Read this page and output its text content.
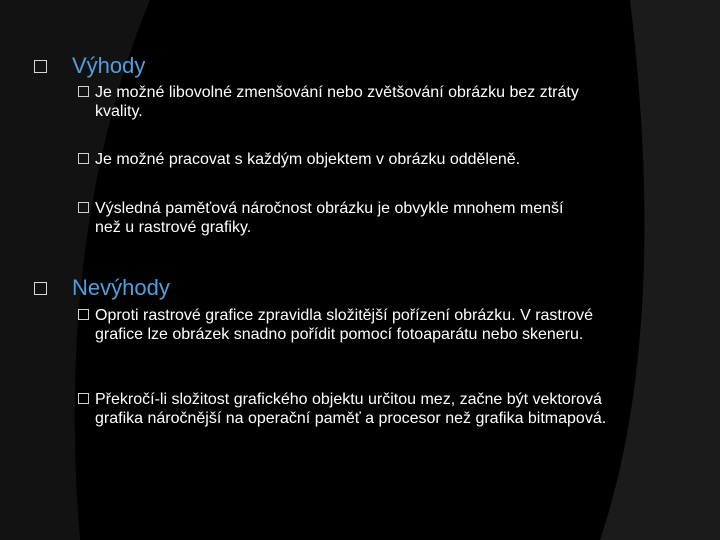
Výhody
Je možné libovolné zmenšování nebo zvětšování obrázku bez ztráty kvality.
Je možné pracovat s každým objektem v obrázku odděleně.
Výsledná paměťová náročnost obrázku je obvykle mnohem menší než u rastrové grafiky.
Nevýhody
Oproti rastrové grafice zpravidla složitější pořízení obrázku. V rastrové grafice lze obrázek snadno pořídit pomocí fotoaparátu nebo skeneru.
Překročí-li složitost grafického objektu určitou mez, začne být vektorová grafika náročnější na operační paměť a procesor než grafika bitmapová.
